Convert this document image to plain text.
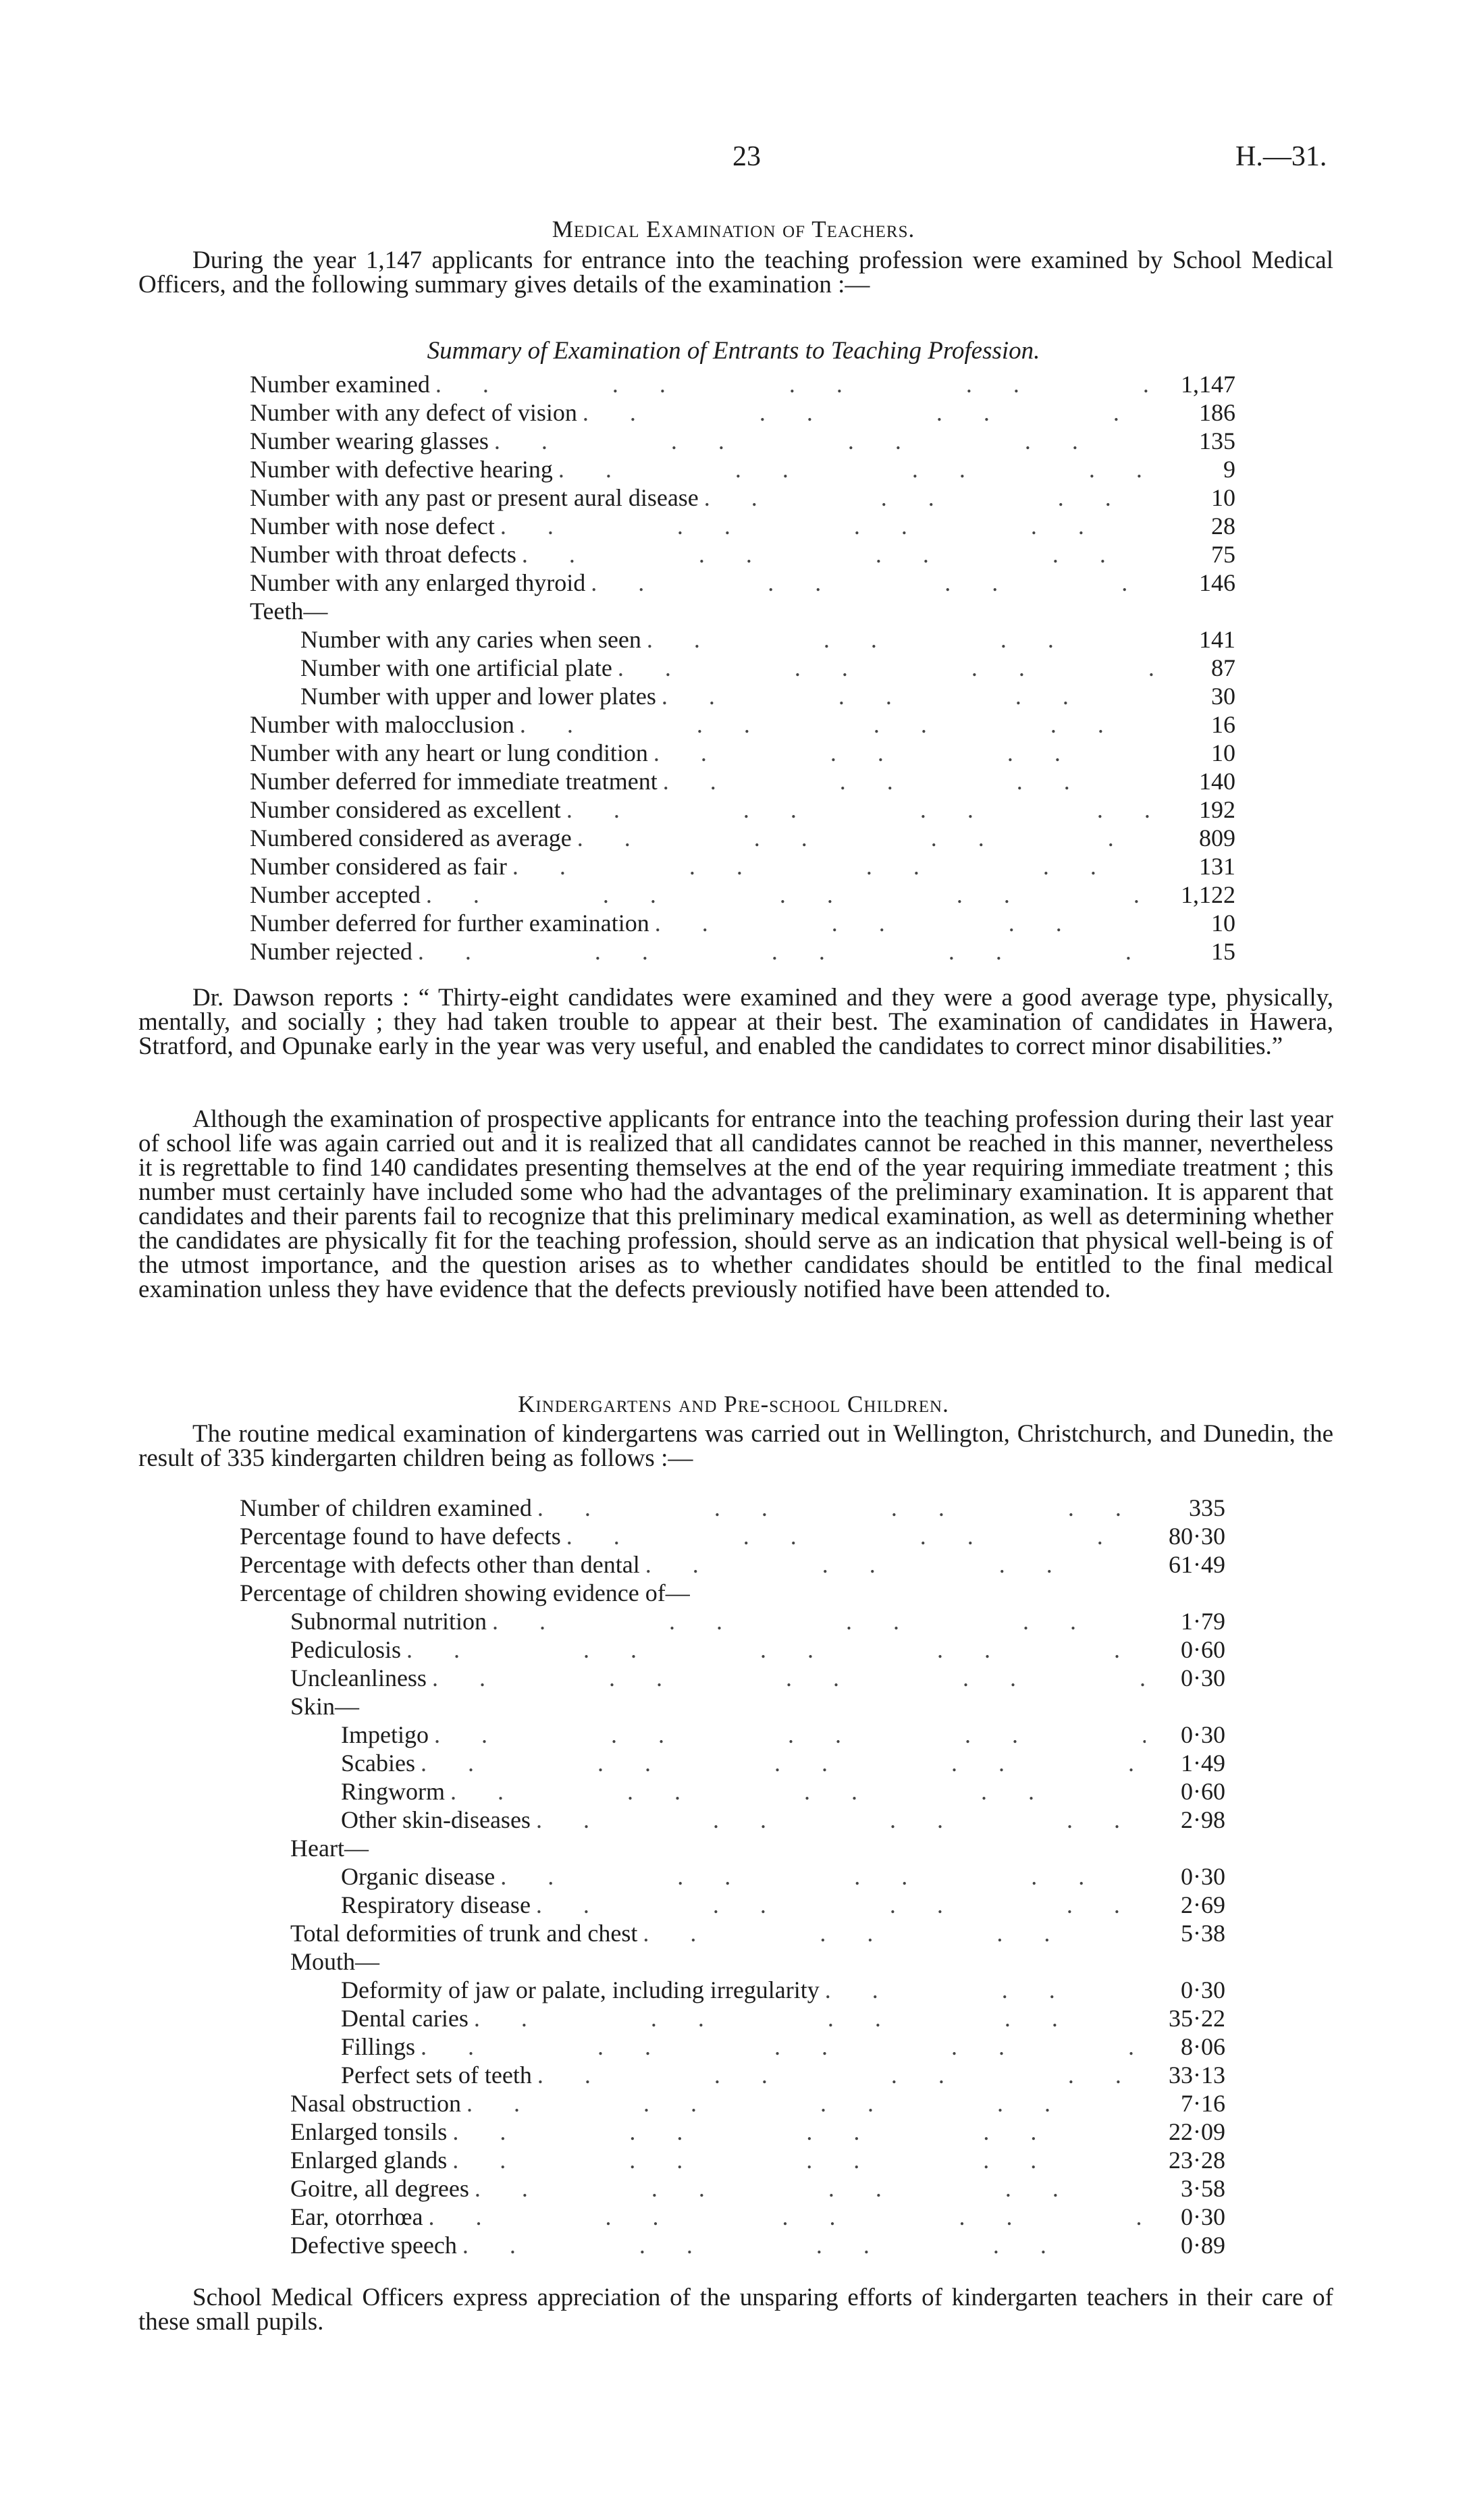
23	H.—31.
Medical Examination of Teachers.
During the year 1,147 applicants for entrance into the teaching profession were examined by School Medical Officers, and the following summary gives details of the examination :—
Summary of Examination of Entrants to Teaching Profession.
Number examined . .	1,147
Number with any defect of vision . .	186
Number wearing glasses . .	135
Number with defective hearing . .	9
Number with any past or present aural disease . .	10
Number with nose defect . .	28
Number with throat defects . .	75
Number with any enlarged thyroid . .	146
Teeth—
Number with any caries when seen . .	141
Number with one artificial plate . .	87
Number with upper and lower plates . .	30
Number with malocclusion . .	16
Number with any heart or lung condition . .	10
Number deferred for immediate treatment . .	140
Number considered as excellent . .	192
Numbered considered as average . .	809
Number considered as fair . .	131
Number accepted . .	1,122
Number deferred for further examination . .	10
Number rejected . .	15
Dr. Dawson reports : “ Thirty-eight candidates were examined and they were a good average type, physically, mentally, and socially ; they had taken trouble to appear at their best. The examination of candidates in Hawera, Stratford, and Opunake early in the year was very useful, and enabled the candidates to correct minor disabilities.”
Although the examination of prospective applicants for entrance into the teaching profession during their last year of school life was again carried out and it is realized that all candidates cannot be reached in this manner, nevertheless it is regrettable to find 140 candidates presenting themselves at the end of the year requiring immediate treatment ; this number must certainly have included some who had the advantages of the preliminary examination. It is apparent that candidates and their parents fail to recognize that this preliminary medical examination, as well as determining whether the candidates are physically fit for the teaching profession, should serve as an indication that physical well-being is of the utmost importance, and the question arises as to whether candidates should be entitled to the final medical examination unless they have evidence that the defects previously notified have been attended to.
Kindergartens and Pre-school Children.
The routine medical examination of kindergartens was carried out in Wellington, Christchurch, and Dunedin, the result of 335 kindergarten children being as follows :—
Number of children examined . .	335
Percentage found to have defects . .	80·30
Percentage with defects other than dental . .	61·49
Percentage of children showing evidence of—
Subnormal nutrition . .	1·79
Pediculosis . .	0·60
Uncleanliness . .	0·30
Skin—
Impetigo . .	0·30
Scabies . .	1·49
Ringworm . .	0·60
Other skin-diseases . .	2·98
Heart—
Organic disease . .	0·30
Respiratory disease . .	2·69
Total deformities of trunk and chest . .	5·38
Mouth—
Deformity of jaw or palate, including irregularity . .	0·30
Dental caries . .	35·22
Fillings . .	8·06
Perfect sets of teeth . .	33·13
Nasal obstruction . .	7·16
Enlarged tonsils . .	22·09
Enlarged glands . .	23·28
Goitre, all degrees . .	3·58
Ear, otorrhœa . .	0·30
Defective speech . .	0·89
School Medical Officers express appreciation of the unsparing efforts of kindergarten teachers in their care of these small pupils.
